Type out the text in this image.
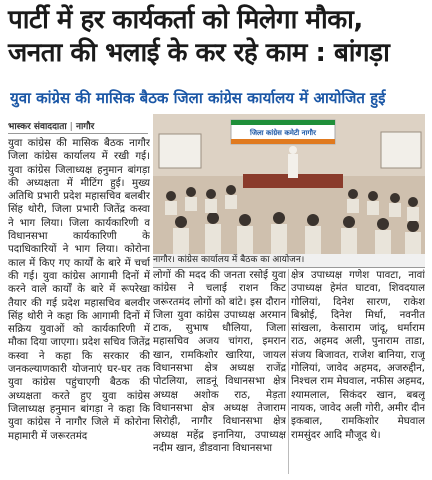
पार्टी में हर कार्यकर्ता को मिलेगा मौका,
जनता की भलाई के कर रहे काम : बांगड़ा
युवा कांग्रेस की मासिक बैठक जिला कांग्रेस कार्यालय में आयोजित हुई
भास्कर संवाददाता | नागौर
युवा कांग्रेस की मासिक बैठक नागौर जिला कांग्रेस कार्यालय में रखी गई। युवा कांग्रेस जिलाध्यक्ष हनुमान बांगड़ा की अध्यक्षता में मीटिंग हुई। मुख्य अतिथि प्रभारी प्रदेश महासचिव बलबीर सिंह थोरी, जिला प्रभारी जितेंद्र कस्वा ने भाग लिया। जिला कार्यकारिणी व विधानसभा कार्यकारिणी के पदाधिकारियों ने भाग लिया। कोरोना काल में किए गए कार्यों के बारे में चर्चा की गई। युवा कांग्रेस आगामी दिनों में करने वाले कार्यों के बारे में रूपरेखा तैयार की गई प्रदेश महासचिव बलवीर सिंह थोरी ने कहा कि आगामी दिनों में सक्रिय युवाओं को कार्यकारिणी में मौका दिया जाएगा। प्रदेश सचिव जितेंद्र कस्वा ने कहा कि सरकार की जनकल्याणकारी योजनाएं घर-घर तक युवा कांग्रेस पहुंचाएगी बैठक की अध्यक्षता करते हुए युवा कांग्रेस जिलाध्यक्ष हनुमान बांगड़ा ने कहा कि युवा कांग्रेस ने नागौर जिले में कोरोना महामारी में जरूरतमंद
जिला कांग्रेस कमेटी नागौर
नागौर। कांग्रेस कार्यालय में बैठक का आयोजन।
लोगों की मदद की जनता रसोई युवा कांग्रेस ने चलाई राशन किट जरूरतमंद लोगों को बांटे। इस दौरान जिला युवा कांग्रेस उपाध्यक्ष अरमान टाक, सुभाष धौलिया, जिला महासचिव अजय चांगरा, इमरान खान, रामकिशोर खारिया, जायल विधानसभा क्षेत्र अध्यक्ष राजेंद्र पोटलिया, लाडनूं विधानसभा क्षेत्र अध्यक्ष अशोक राठ, मेड़ता विधानसभा क्षेत्र अध्यक्ष तेजाराम सिरोही, नागौर विधानसभा क्षेत्र अध्यक्ष महेंद्र इनानिया, उपाध्यक्ष नदीम खान, डीडवाना विधानसभा
क्षेत्र उपाध्यक्ष गणेश पावटा, नावां उपाध्यक्ष हेमंत घाटवा, शिवदयाल गोलियां, दिनेश सारण, राकेश बिश्नोई, दिनेश मिर्धा, नवनीत सांखला, केसाराम जांदू, धर्माराम राठ, अहमद अली, पुनाराम ताडा, संजय बिजावत, राजेश बानिया, राजू गोलियां, जावेद अहमद, अजरुद्दीन, निश्चल राम मेघवाल, नफीस अहमद, श्यामलाल, सिकंदर खान, बबलू नायक, जावेद अली गोरी, अमीर दीन इकबाल, रामकिशोर मेघवाल रामसुंदर आदि मौजूद थे।
